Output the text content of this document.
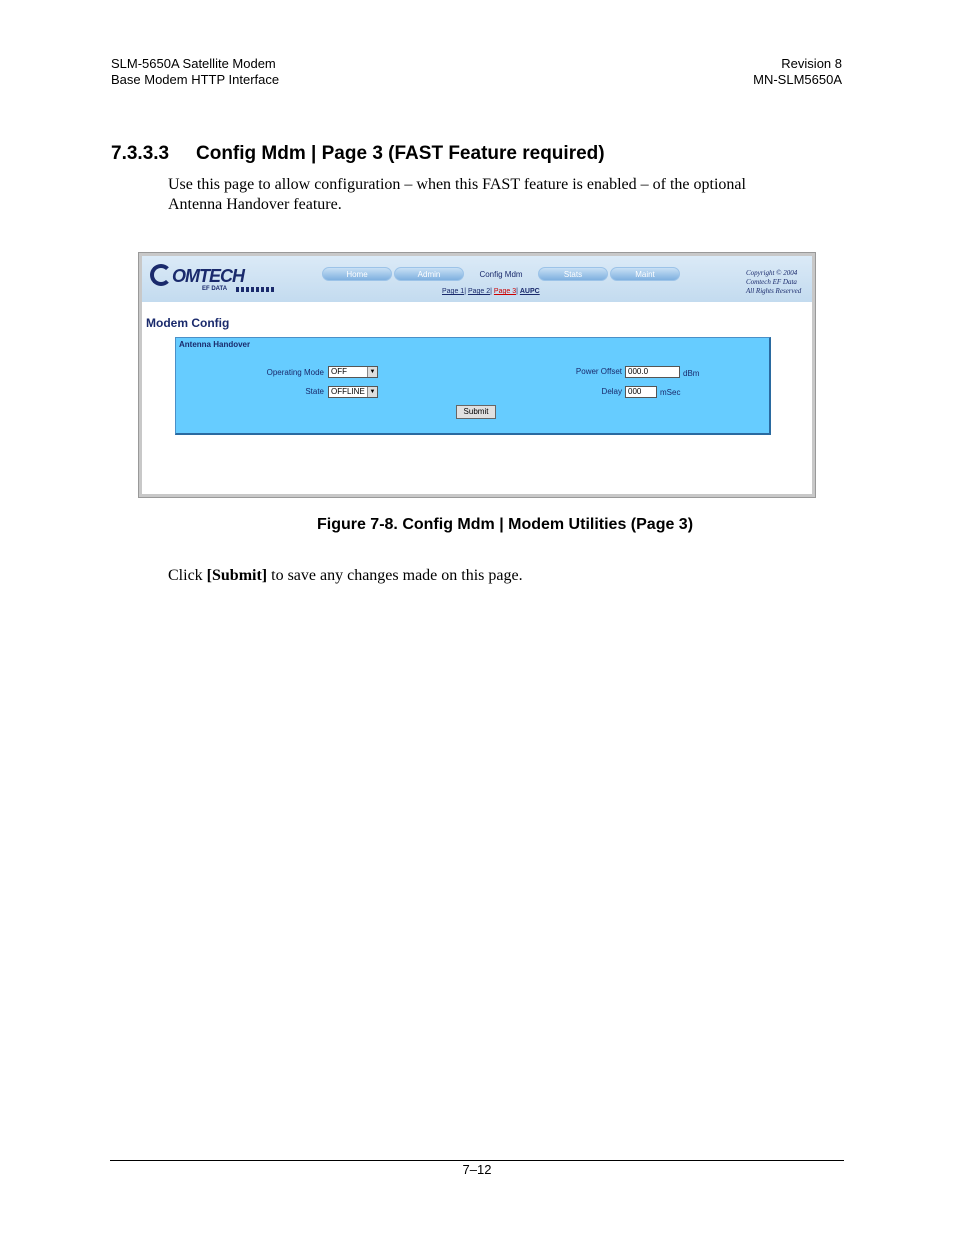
SLM-5650A Satellite Modem
Base Modem HTTP Interface
Revision 8
MN-SLM5650A
7.3.3.3 Config Mdm | Page 3 (FAST Feature required)
Use this page to allow configuration – when this FAST feature is enabled – of the optional
Antenna Handover feature.
OMTECH
EF DATA
Home	Admin	Config Mdm	Stats	Maint
Page 1| Page 2| Page 3| AUPC
Copyright © 2004
Comtech EF Data
All Rights Reserved
Modem Config
Antenna Handover
Operating Mode OFF	▼
State OFFLINE ▼
Power Offset 000.0	dBm
Delay 000	mSec
Submit
Figure 7-8. Config Mdm | Modem Utilities (Page 3)
Click [Submit] to save any changes made on this page.
7–12
